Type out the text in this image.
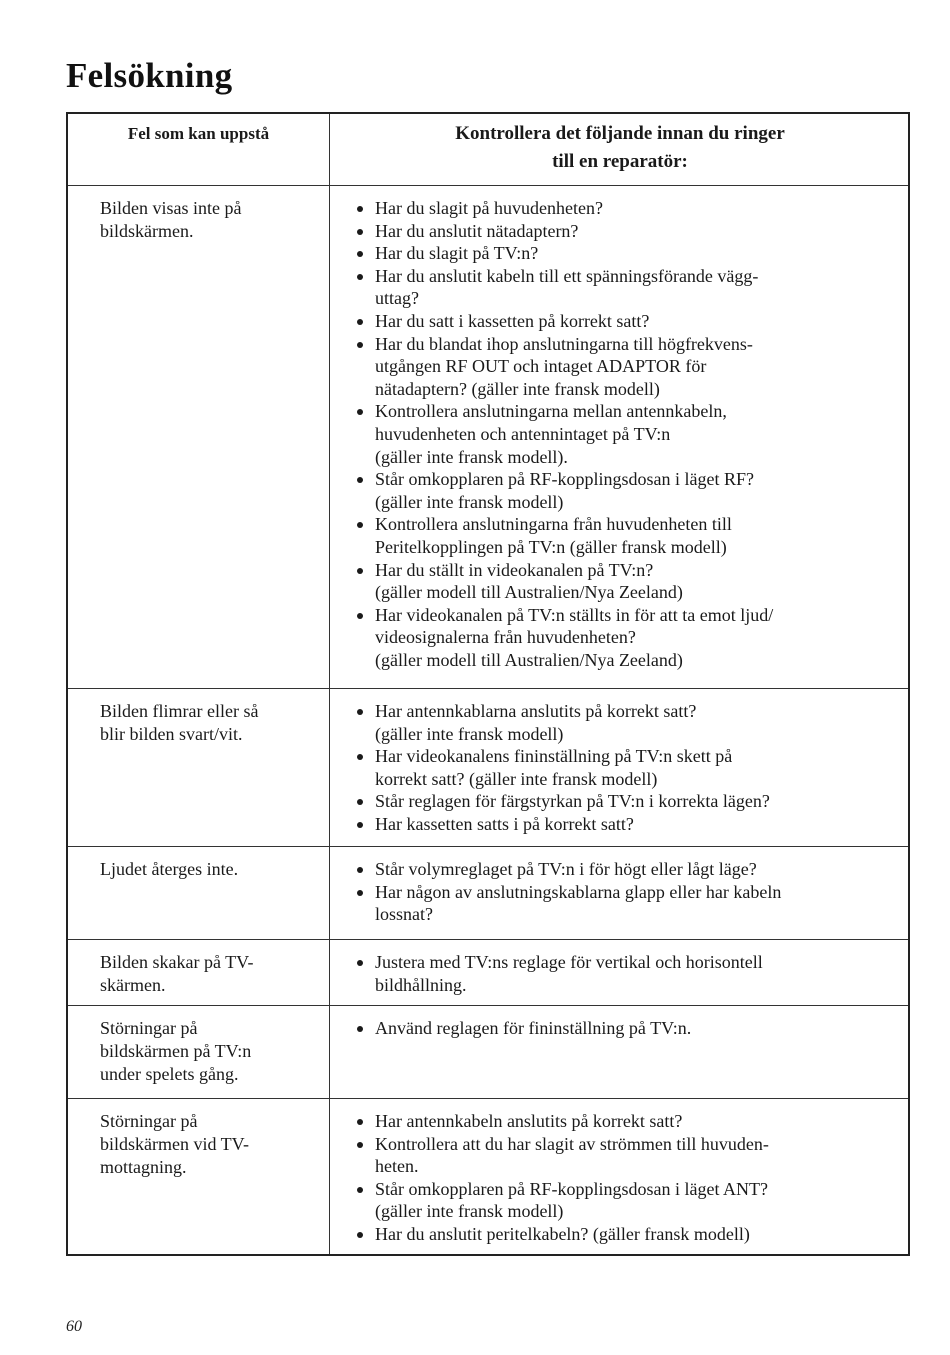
Felsökning
Fel som kan uppstå	Kontrollera det följande innan du ringer
till en reparatör:
Bilden visas inte på
bildskärmen.
Har du slagit på huvudenheten?
Har du anslutit nätadaptern?
Har du slagit på TV:n?
Har du anslutit kabeln till ett spänningsförande vägg-
uttag?
Har du satt i kassetten på korrekt satt?
Har du blandat ihop anslutningarna till högfrekvens-
utgången RF OUT och intaget ADAPTOR för
nätadaptern? (gäller inte fransk modell)
Kontrollera anslutningarna mellan antennkabeln,
huvudenheten och antennintaget på TV:n
(gäller inte fransk modell).
Står omkopplaren på RF-kopplingsdosan i läget RF?
(gäller inte fransk modell)
Kontrollera anslutningarna från huvudenheten till
Peritelkopplingen på TV:n (gäller fransk modell)
Har du ställt in videokanalen på TV:n?
(gäller modell till Australien/Nya Zeeland)
Har videokanalen på TV:n ställts in för att ta emot ljud/
videosignalerna från huvudenheten?
(gäller modell till Australien/Nya Zeeland)
Bilden flimrar eller så
blir bilden svart/vit.
Har antennkablarna anslutits på korrekt satt?
(gäller inte fransk modell)
Har videokanalens fininställning på TV:n skett på
korrekt satt? (gäller inte fransk modell)
Står reglagen för färgstyrkan på TV:n i korrekta lägen?
Har kassetten satts i på korrekt satt?
Ljudet återges inte.	Står volymreglaget på TV:n i för högt eller lågt läge?
Har någon av anslutningskablarna glapp eller har kabeln
lossnat?
Bilden skakar på TV-
skärmen.
Justera med TV:ns reglage för vertikal och horisontell
bildhållning.
Störningar på
bildskärmen på TV:n
under spelets gång.
Använd reglagen för fininställning på TV:n.
Störningar på
bildskärmen vid TV-
mottagning.
Har antennkabeln anslutits på korrekt satt?
Kontrollera att du har slagit av strömmen till huvuden-
heten.
Står omkopplaren på RF-kopplingsdosan i läget ANT?
(gäller inte fransk modell)
Har du anslutit peritelkabeln? (gäller fransk modell)
60
